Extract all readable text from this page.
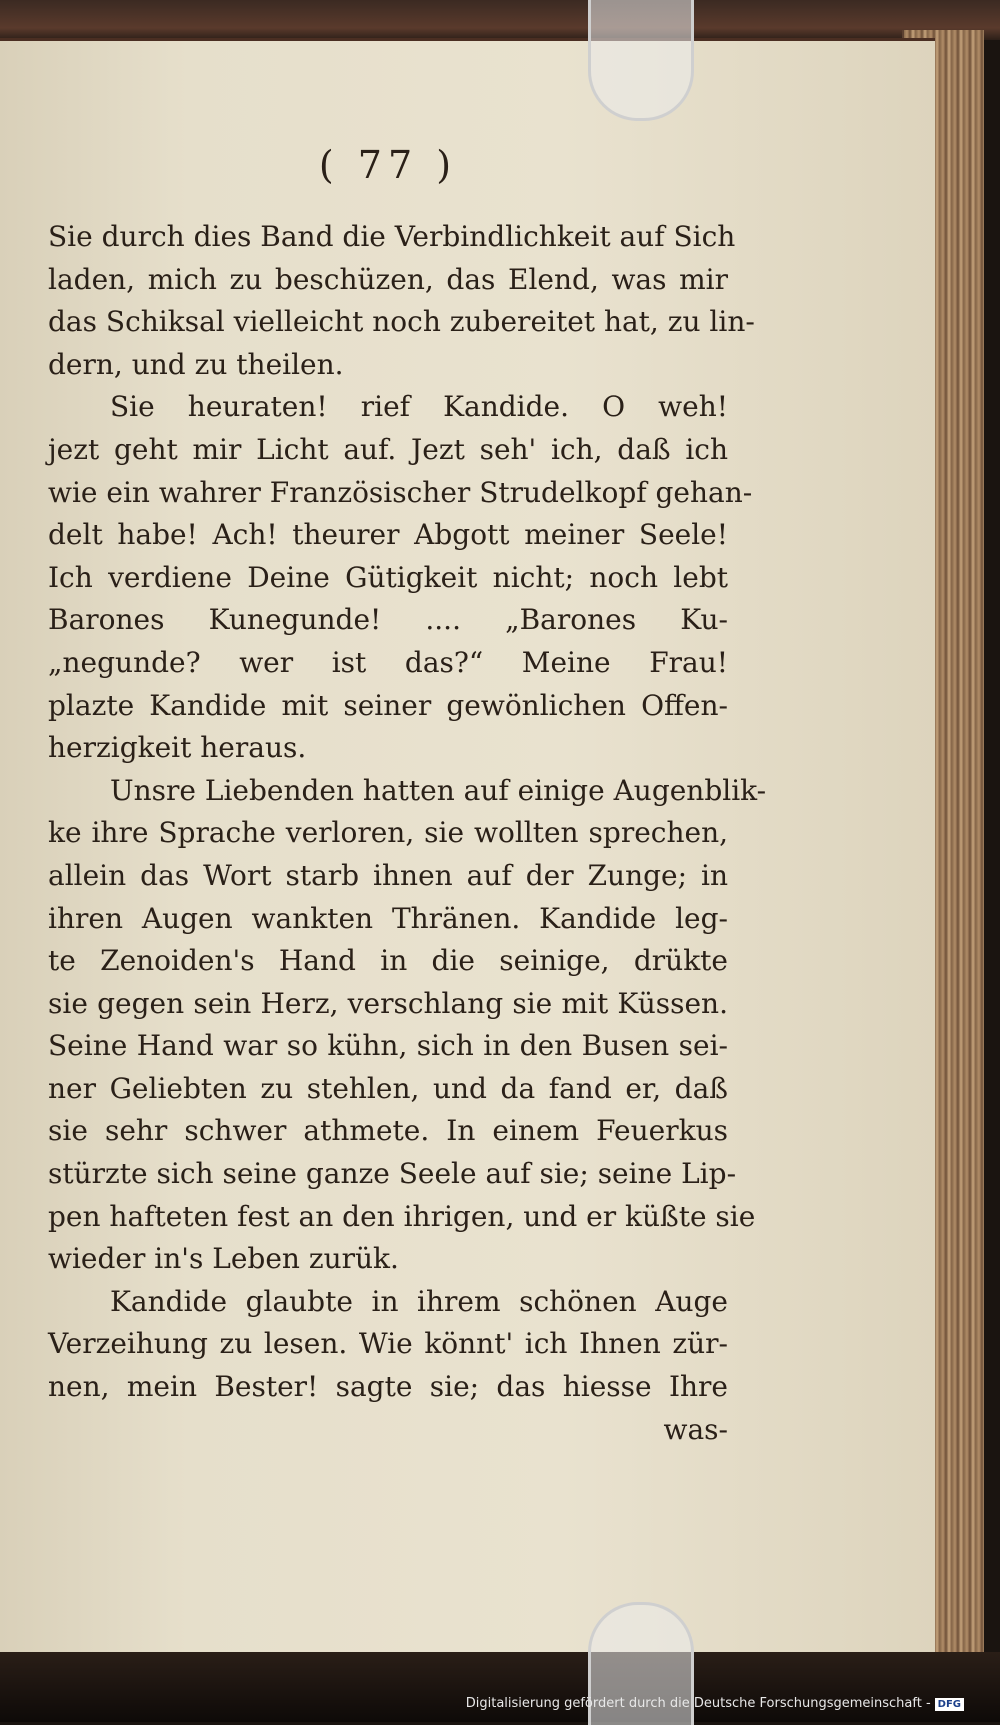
( 77 )
Sie durch dies Band die Verbindlichkeit auf Sich
laden, mich zu beschüzen, das Elend, was mir
das Schiksal vielleicht noch zubereitet hat, zu lin-
dern, und zu theilen.
Sie heuraten! rief Kandide. O weh!
jezt geht mir Licht auf. Jezt seh' ich, daß ich
wie ein wahrer Französischer Strudelkopf gehan-
delt habe! Ach! theurer Abgott meiner Seele!
Ich verdiene Deine Gütigkeit nicht; noch lebt
Barones Kunegunde! .... „Barones Ku-
„negunde? wer ist das?“ Meine Frau!
plazte Kandide mit seiner gewönlichen Offen-
herzigkeit heraus.
Unsre Liebenden hatten auf einige Augenblik-
ke ihre Sprache verloren, sie wollten sprechen,
allein das Wort starb ihnen auf der Zunge; in
ihren Augen wankten Thränen. Kandide leg-
te Zenoiden's Hand in die seinige, drükte
sie gegen sein Herz, verschlang sie mit Küssen.
Seine Hand war so kühn, sich in den Busen sei-
ner Geliebten zu stehlen, und da fand er, daß
sie sehr schwer athmete. In einem Feuerkus
stürzte sich seine ganze Seele auf sie; seine Lip-
pen hafteten fest an den ihrigen, und er küßte sie
wieder in's Leben zurük.
Kandide glaubte in ihrem schönen Auge
Verzeihung zu lesen. Wie könnt' ich Ihnen zür-
nen, mein Bester! sagte sie; das hiesse Ihre
was-
Digitalisierung gefördert durch die Deutsche Forschungsgemeinschaft - DFG
